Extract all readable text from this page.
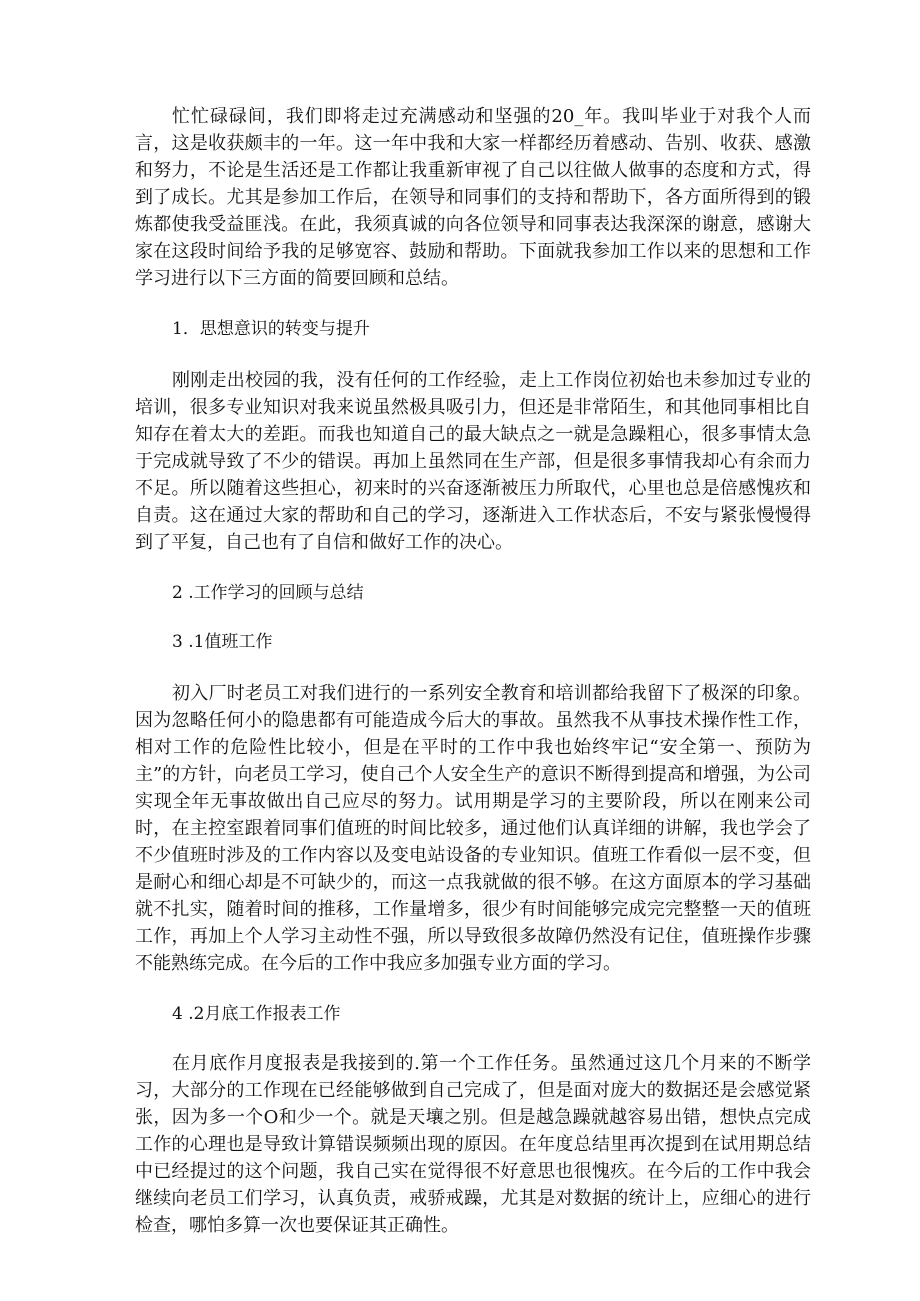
忙忙碌碌间，我们即将走过充满感动和坚强的20_年。我叫毕业于对我个人而言，这是收获颇丰的一年。这一年中我和大家一样都经历着感动、告别、收获、感激和努力，不论是生活还是工作都让我重新审视了自己以往做人做事的态度和方式，得到了成长。尤其是参加工作后，在领导和同事们的支持和帮助下，各方面所得到的锻炼都使我受益匪浅。在此，我须真诚的向各位领导和同事表达我深深的谢意，感谢大家在这段时间给予我的足够宽容、鼓励和帮助。下面就我参加工作以来的思想和工作学习进行以下三方面的简要回顾和总结。

1．思想意识的转变与提升

刚刚走出校园的我，没有任何的工作经验，走上工作岗位初始也未参加过专业的培训，很多专业知识对我来说虽然极具吸引力，但还是非常陌生，和其他同事相比自知存在着太大的差距。而我也知道自己的最大缺点之一就是急躁粗心，很多事情太急于完成就导致了不少的错误。再加上虽然同在生产部，但是很多事情我却心有余而力不足。所以随着这些担心，初来时的兴奋逐渐被压力所取代，心里也总是倍感愧疚和自责。这在通过大家的帮助和自己的学习，逐渐进入工作状态后，不安与紧张慢慢得到了平复，自己也有了自信和做好工作的决心。

2 .工作学习的回顾与总结

3 .1值班工作

初入厂时老员工对我们进行的一系列安全教育和培训都给我留下了极深的印象。因为忽略任何小的隐患都有可能造成今后大的事故。虽然我不从事技术操作性工作，相对工作的危险性比较小，但是在平时的工作中我也始终牢记“安全第一、预防为主”的方针，向老员工学习，使自己个人安全生产的意识不断得到提高和增强，为公司实现全年无事故做出自己应尽的努力。试用期是学习的主要阶段，所以在刚来公司时，在主控室跟着同事们值班的时间比较多，通过他们认真详细的讲解，我也学会了不少值班时涉及的工作内容以及变电站设备的专业知识。值班工作看似一层不变，但是耐心和细心却是不可缺少的，而这一点我就做的很不够。在这方面原本的学习基础就不扎实，随着时间的推移，工作量增多，很少有时间能够完成完完整整一天的值班工作，再加上个人学习主动性不强，所以导致很多故障仍然没有记住，值班操作步骤不能熟练完成。在今后的工作中我应多加强专业方面的学习。

4 .2月底工作报表工作

在月底作月度报表是我接到的.第一个工作任务。虽然通过这几个月来的不断学习，大部分的工作现在已经能够做到自己完成了，但是面对庞大的数据还是会感觉紧张，因为多一个O和少一个。就是天壤之别。但是越急躁就越容易出错，想快点完成工作的心理也是导致计算错误频频出现的原因。在年度总结里再次提到在试用期总结中已经提过的这个问题，我自己实在觉得很不好意思也很愧疚。在今后的工作中我会继续向老员工们学习，认真负责，戒骄戒躁，尤其是对数据的统计上，应细心的进行检查，哪怕多算一次也要保证其正确性。
